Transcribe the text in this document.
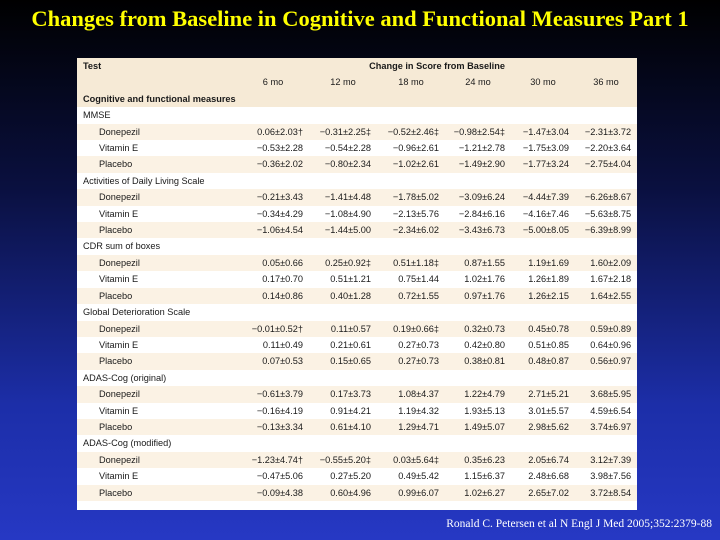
Changes from Baseline in Cognitive and Functional Measures Part 1
Test	Change in Score from Baseline					
	6 mo	12 mo	18 mo	24 mo	30 mo	36 mo
Cognitive and functional measures						
MMSE						
Donepezil	0.06±2.03†	−0.31±2.25‡	−0.52±2.46‡	−0.98±2.54‡	−1.47±3.04	−2.31±3.72
Vitamin E	−0.53±2.28	−0.54±2.28	−0.96±2.61	−1.21±2.78	−1.75±3.09	−2.20±3.64
Placebo	−0.36±2.02	−0.80±2.34	−1.02±2.61	−1.49±2.90	−1.77±3.24	−2.75±4.04
Activities of Daily Living Scale						
Donepezil	−0.21±3.43	−1.41±4.48	−1.78±5.02	−3.09±6.24	−4.44±7.39	−6.26±8.67
Vitamin E	−0.34±4.29	−1.08±4.90	−2.13±5.76	−2.84±6.16	−4.16±7.46	−5.63±8.75
Placebo	−1.06±4.54	−1.44±5.00	−2.34±6.02	−3.43±6.73	−5.00±8.05	−6.39±8.99
CDR sum of boxes						
Donepezil	0.05±0.66	0.25±0.92‡	0.51±1.18‡	0.87±1.55	1.19±1.69	1.60±2.09
Vitamin E	0.17±0.70	0.51±1.21	0.75±1.44	1.02±1.76	1.26±1.89	1.67±2.18
Placebo	0.14±0.86	0.40±1.28	0.72±1.55	0.97±1.76	1.26±2.15	1.64±2.55
Global Deterioration Scale						
Donepezil	−0.01±0.52†	0.11±0.57	0.19±0.66‡	0.32±0.73	0.45±0.78	0.59±0.89
Vitamin E	0.11±0.49	0.21±0.61	0.27±0.73	0.42±0.80	0.51±0.85	0.64±0.96
Placebo	0.07±0.53	0.15±0.65	0.27±0.73	0.38±0.81	0.48±0.87	0.56±0.97
ADAS-Cog (original)						
Donepezil	−0.61±3.79	0.17±3.73	1.08±4.37	1.22±4.79	2.71±5.21	3.68±5.95
Vitamin E	−0.16±4.19	0.91±4.21	1.19±4.32	1.93±5.13	3.01±5.57	4.59±6.54
Placebo	−0.13±3.34	0.61±4.10	1.29±4.71	1.49±5.07	2.98±5.62	3.74±6.97
ADAS-Cog (modified)						
Donepezil	−1.23±4.74†	−0.55±5.20‡	0.03±5.64‡	0.35±6.23	2.05±6.74	3.12±7.39
Vitamin E	−0.47±5.06	0.27±5.20	0.49±5.42	1.15±6.37	2.48±6.68	3.98±7.56
Placebo	−0.09±4.38	0.60±4.96	0.99±6.07	1.02±6.27	2.65±7.02	3.72±8.54
Ronald C. Petersen et al N Engl J Med 2005;352:2379-88
